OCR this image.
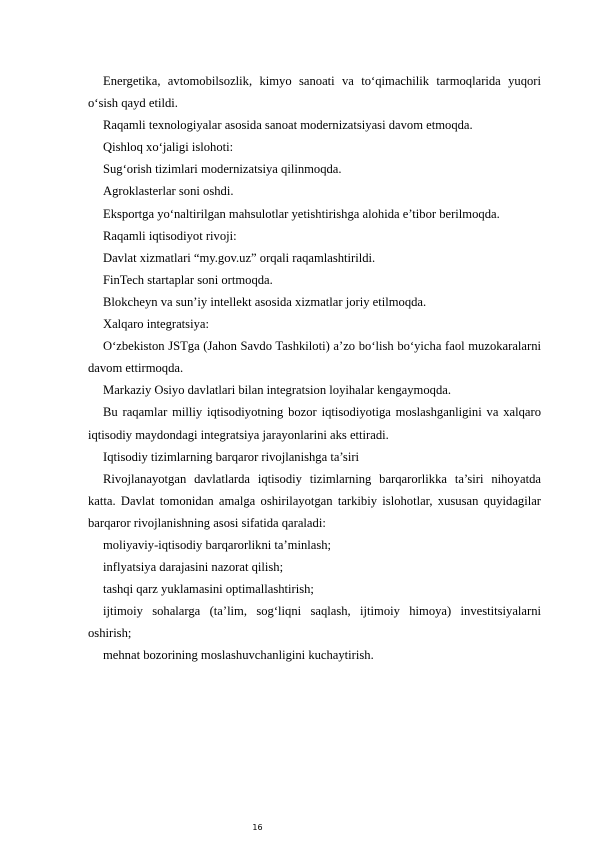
Energetika, avtomobilsozlik, kimyo sanoati va to‘qimachilik tarmoqlarida yuqori o‘sish qayd etildi.

Raqamli texnologiyalar asosida sanoat modernizatsiyasi davom etmoqda.

Qishloq xo‘jaligi islohoti:

Sug‘orish tizimlari modernizatsiya qilinmoqda.

Agroklasterlar soni oshdi.

Eksportga yo‘naltirilgan mahsulotlar yetishtirishga alohida e’tibor berilmoqda.

Raqamli iqtisodiyot rivoji:

Davlat xizmatlari “my.gov.uz” orqali raqamlashtirildi.

FinTech startaplar soni ortmoqda.

Blokcheyn va sun’iy intellekt asosida xizmatlar joriy etilmoqda.

Xalqaro integratsiya:

O‘zbekiston JSTga (Jahon Savdo Tashkiloti) a’zo bo‘lish bo‘yicha faol muzokaralarni davom ettirmoqda.

Markaziy Osiyo davlatlari bilan integratsion loyihalar kengaymoqda.

Bu raqamlar milliy iqtisodiyotning bozor iqtisodiyotiga moslashganligini va xalqaro iqtisodiy maydondagi integratsiya jarayonlarini aks ettiradi.

Iqtisodiy tizimlarning barqaror rivojlanishga ta’siri

Rivojlanayotgan davlatlarda iqtisodiy tizimlarning barqarorlikka ta’siri nihoyatda katta. Davlat tomonidan amalga oshirilayotgan tarkibiy islohotlar, xususan quyidagilar barqaror rivojlanishning asosi sifatida qaraladi:

moliyaviy-iqtisodiy barqarorlikni ta’minlash;

inflyatsiya darajasini nazorat qilish;

tashqi qarz yuklamasini optimallashtirish;

ijtimoiy sohalarga (ta’lim, sog‘liqni saqlash, ijtimoiy himoya) investitsiyalarni oshirish;

mehnat bozorining moslashuvchanligini kuchaytirish.

16
